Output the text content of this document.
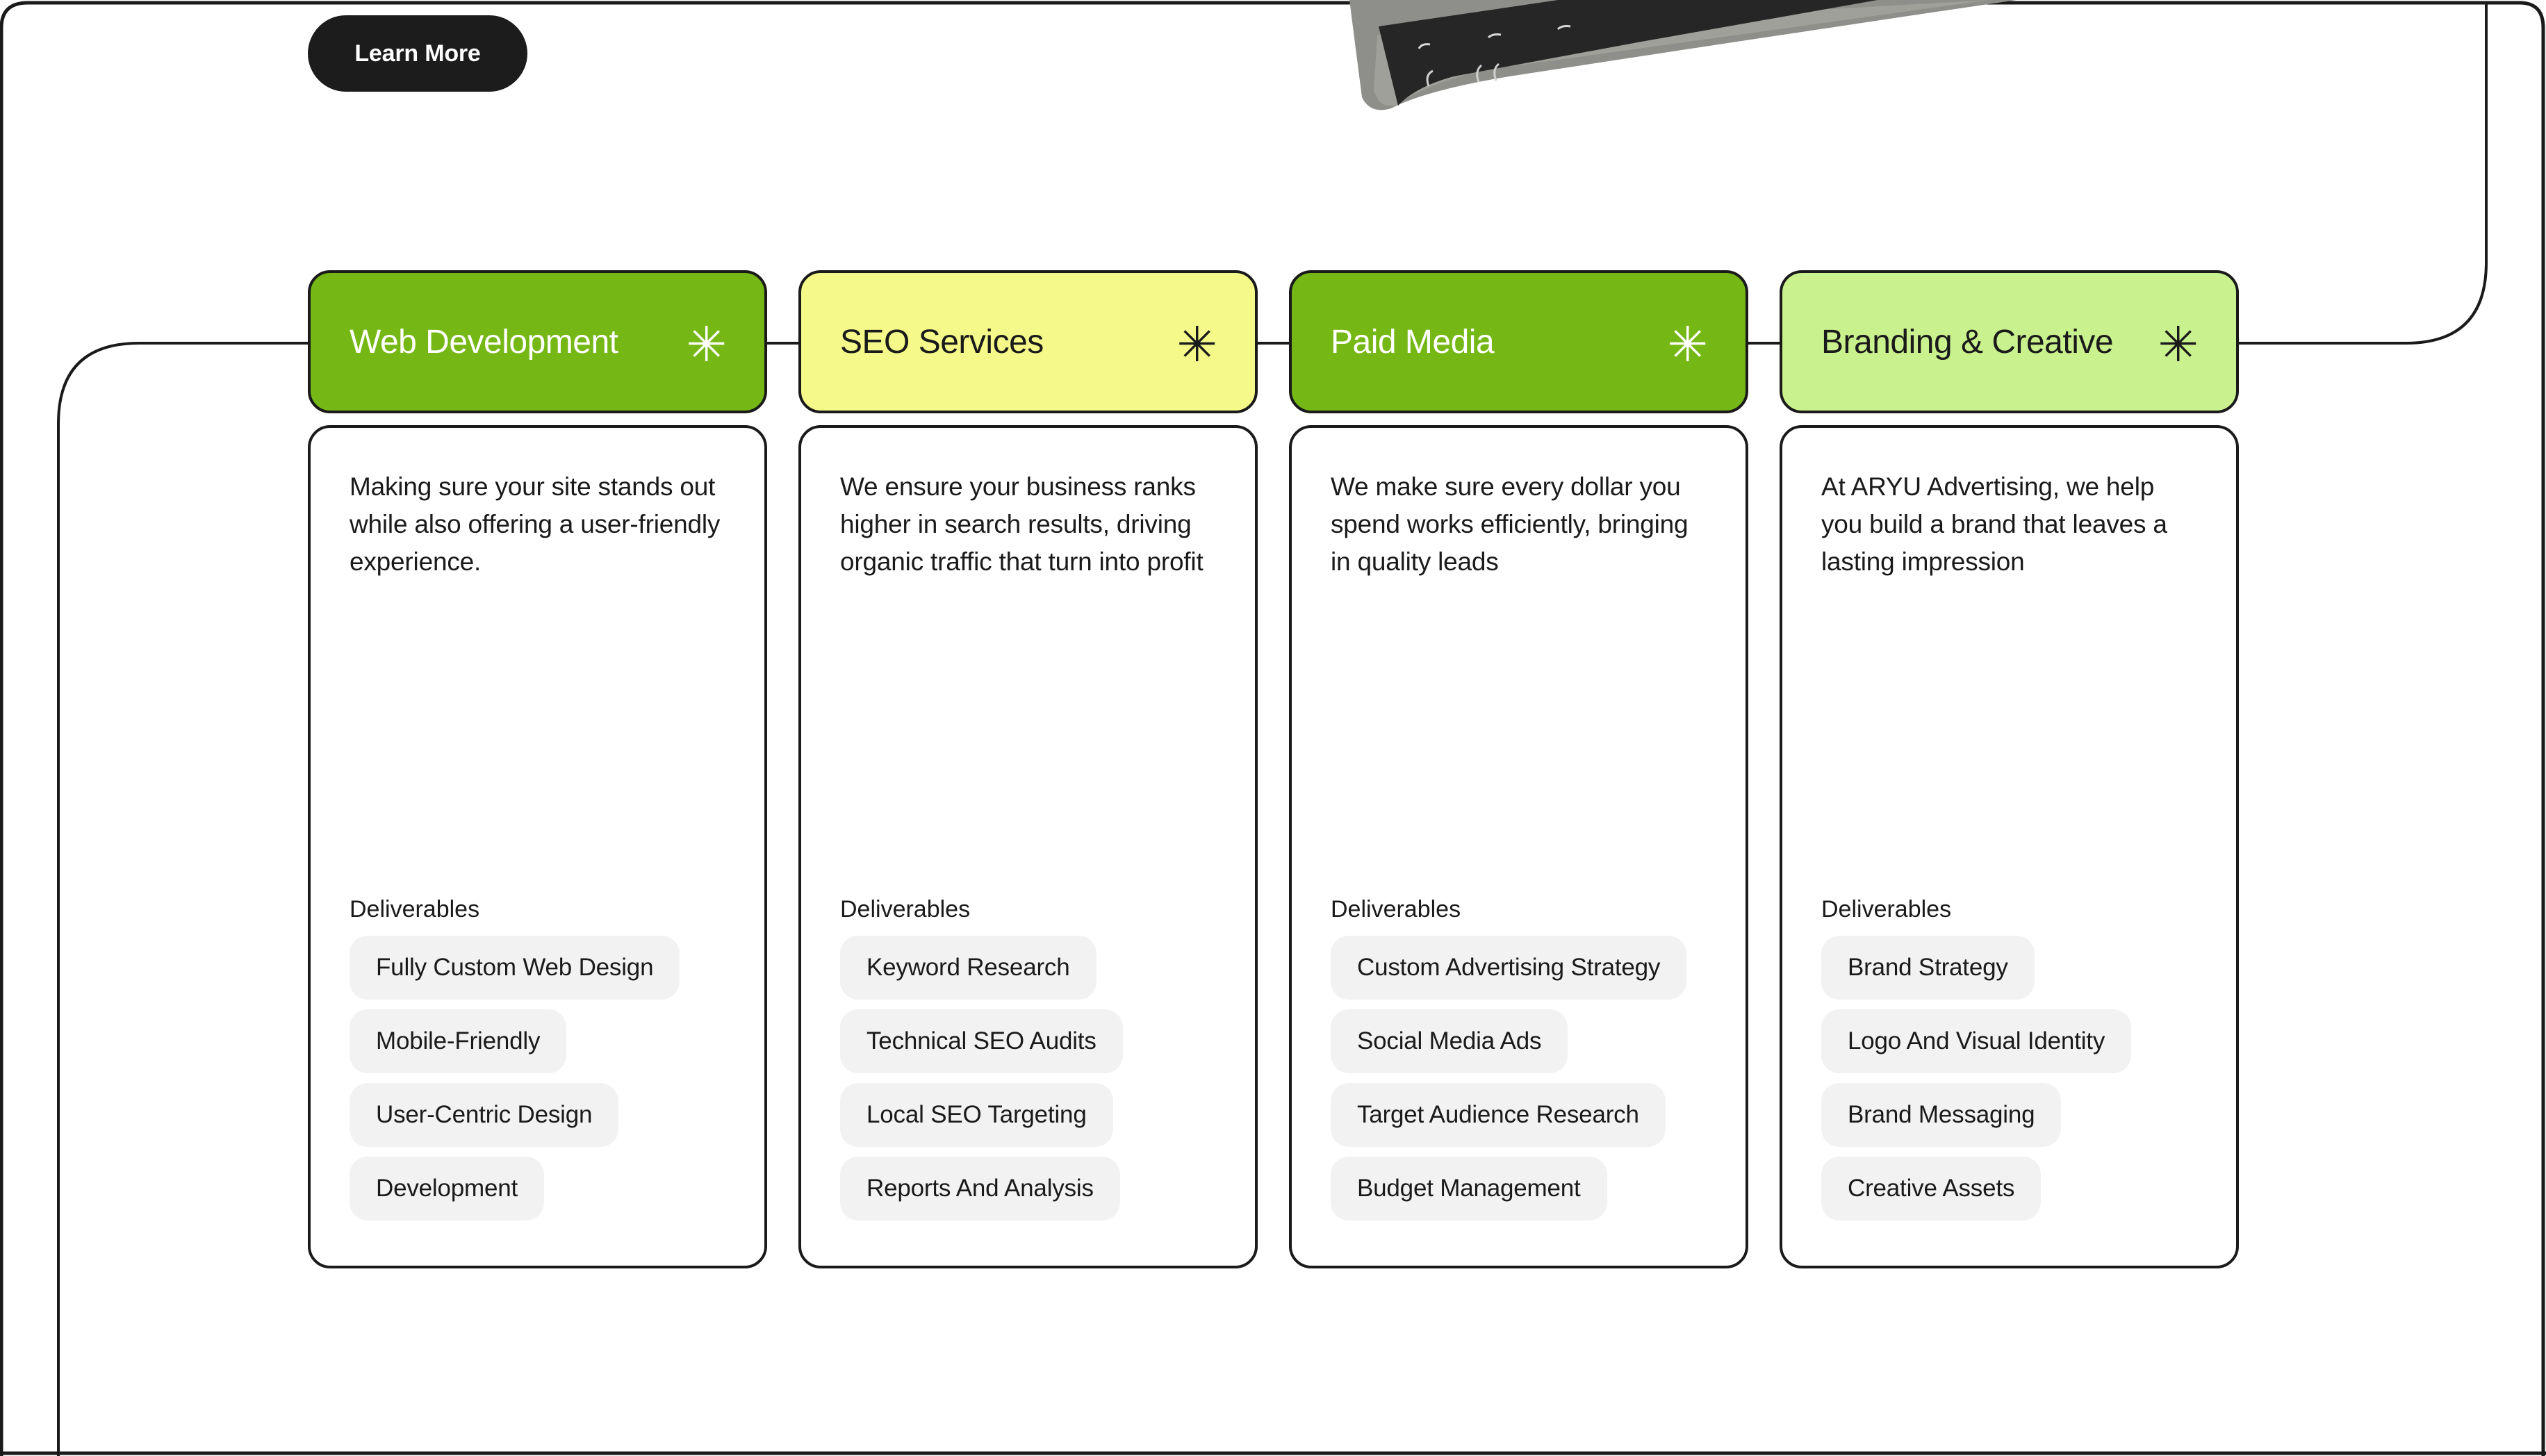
Learn More
Web Development ✳
Making sure your site stands out while also offering a user-friendly experience.
Deliverables
Fully Custom Web Design
Mobile-Friendly
User-Centric Design
Development
SEO Services	✳
We ensure your business ranks higher in search results, driving organic traffic that turn into profit
Deliverables
Keyword Research
Technical SEO Audits
Local SEO Targeting
Reports And Analysis
Paid Media	✳
We make sure every dollar you spend works efficiently, bringing in quality leads
Deliverables
Custom Advertising Strategy
Social Media Ads
Target Audience Research
Budget Management
Branding & Creative ✳
At ARYU Advertising, we help you build a brand that leaves a lasting impression
Deliverables
Brand Strategy
Logo And Visual Identity
Brand Messaging
Creative Assets
